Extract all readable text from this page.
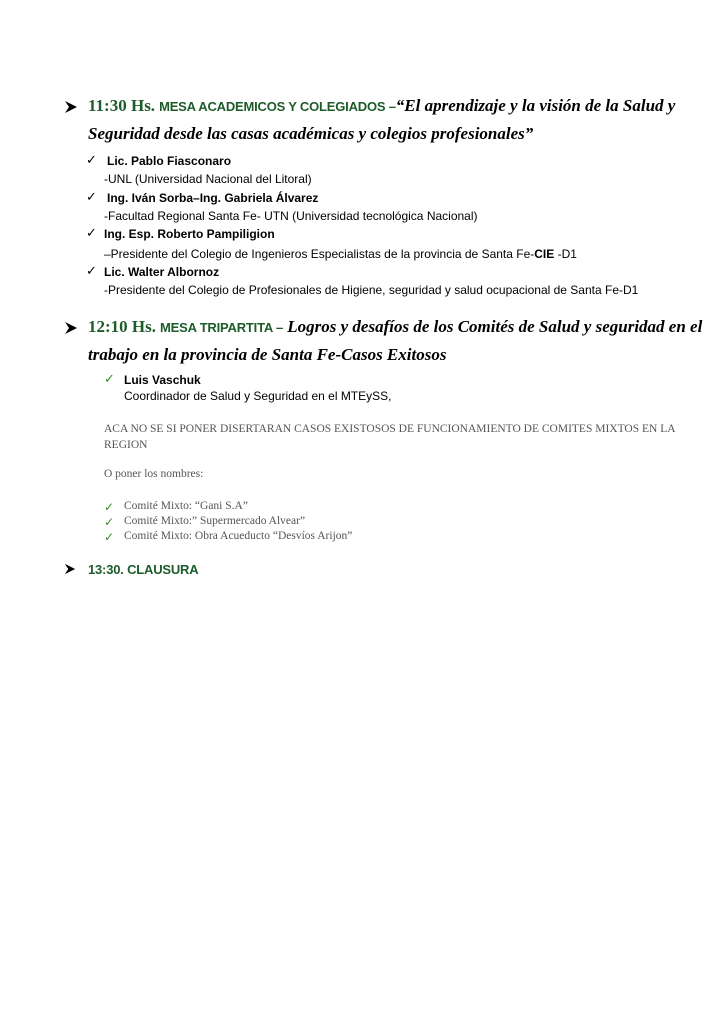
11:30 Hs. MESA ACADEMICOS Y COLEGIADOS –“El aprendizaje y la visión de la Salud y
Seguridad desde las casas académicas y colegios profesionales”
✓ Lic. Pablo Fiasconaro
-UNL (Universidad Nacional del Litoral)
✓ Ing. Iván Sorba–Ing. Gabriela Álvarez
-Facultad Regional Santa Fe- UTN (Universidad tecnológica Nacional)
✓ Ing. Esp. Roberto Pampiligion
–Presidente del Colegio de Ingenieros Especialistas de la provincia de Santa Fe-CIE -D1
✓ Lic. Walter Albornoz
-Presidente del Colegio de Profesionales de Higiene, seguridad y salud ocupacional de Santa Fe-D1
12:10 Hs. MESA TRIPARTITA – Logros y desafíos de los Comités de Salud y seguridad en el
trabajo en la provincia de Santa Fe-Casos Exitosos
✓ Luis Vaschuk
Coordinador de Salud y Seguridad en el MTEySS,
ACA NO SE SI PONER DISERTARAN CASOS EXISTOSOS DE FUNCIONAMIENTO DE COMITES MIXTOS EN LA
REGION
O poner los nombres:
✓ Comité Mixto: “Gani S.A”
✓ Comité Mixto:” Supermercado Alvear”
✓ Comité Mixto: Obra Acueducto “Desvíos Arijon”
13:30. CLAUSURA
